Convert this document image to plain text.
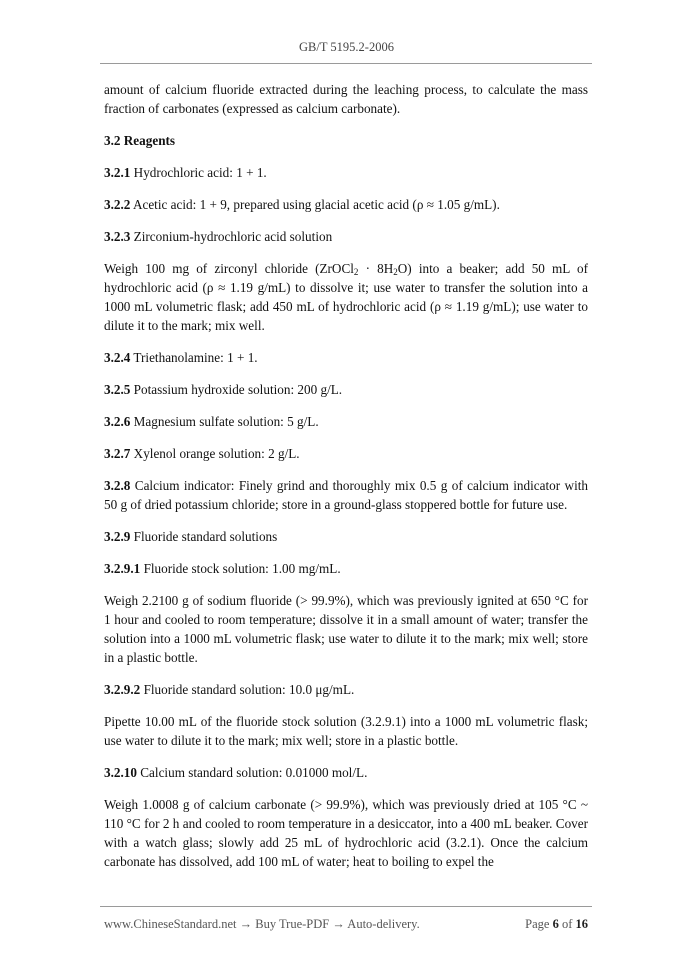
GB/T 5195.2-2006

amount of calcium fluoride extracted during the leaching process, to calculate the mass fraction of carbonates (expressed as calcium carbonate).

3.2 Reagents

3.2.1 Hydrochloric acid: 1 + 1.

3.2.2 Acetic acid: 1 + 9, prepared using glacial acetic acid (ρ ≈ 1.05 g/mL).

3.2.3 Zirconium-hydrochloric acid solution

Weigh 100 mg of zirconyl chloride (ZrOCl$_2$ · $8H_2O$) into a beaker; add 50 mL of hydrochloric acid (ρ ≈ 1.19 g/mL) to dissolve it; use water to transfer the solution into a 1000 mL volumetric flask; add 450 mL of hydrochloric acid (ρ ≈ 1.19 g/mL); use water to dilute it to the mark; mix well.

3.2.4 Triethanolamine: 1 + 1.

3.2.5 Potassium hydroxide solution: 200 g/L.

3.2.6 Magnesium sulfate solution: 5 g/L.

3.2.7 Xylenol orange solution: 2 g/L.

3.2.8 Calcium indicator: Finely grind and thoroughly mix 0.5 g of calcium indicator with 50 g of dried potassium chloride; store in a ground-glass stoppered bottle for future use.

3.2.9 Fluoride standard solutions

3.2.9.1 Fluoride stock solution: 1.00 mg/mL.

Weigh 2.2100 g of sodium fluoride (> 99.9%), which was previously ignited at 650 °C for 1 hour and cooled to room temperature; dissolve it in a small amount of water; transfer the solution into a 1000 mL volumetric flask; use water to dilute it to the mark; mix well; store in a plastic bottle.

3.2.9.2 Fluoride standard solution: 10.0 μg/mL.

Pipette 10.00 mL of the fluoride stock solution (3.2.9.1) into a 1000 mL volumetric flask; use water to dilute it to the mark; mix well; store in a plastic bottle.

3.2.10 Calcium standard solution: 0.01000 mol/L.

Weigh 1.0008 g of calcium carbonate (> 99.9%), which was previously dried at 105 °C ~ 110 °C for 2 h and cooled to room temperature in a desiccator, into a 400 mL beaker. Cover with a watch glass; slowly add 25 mL of hydrochloric acid (3.2.1). Once the calcium carbonate has dissolved, add 100 mL of water; heat to boiling to expel the

www.ChineseStandard.net → Buy True-PDF → Auto-delivery.	Page 6 of 16
